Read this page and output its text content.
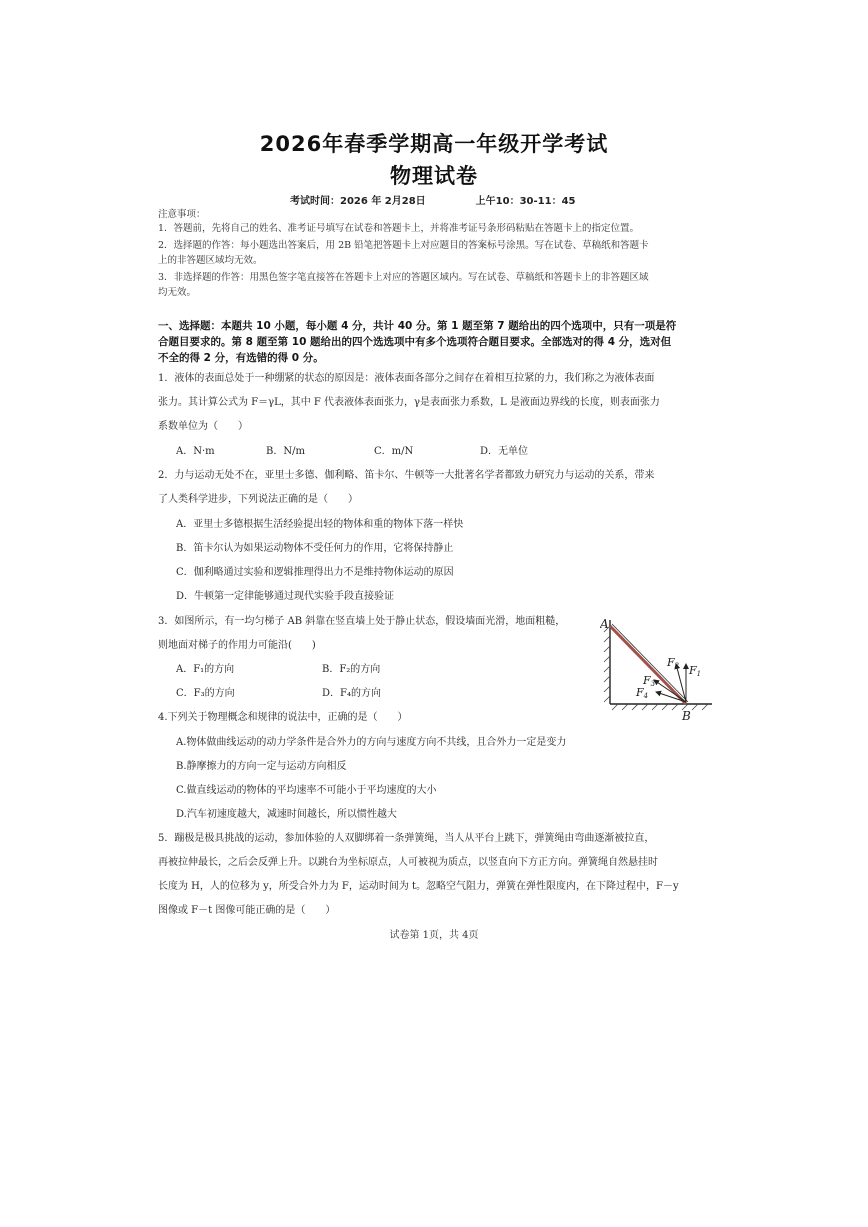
2026年春季学期高一年级开学考试
物理试卷
考试时间：2026 年 2月28日	上午10：30-11：45
注意事项：
1．答题前，先将自己的姓名、准考证号填写在试卷和答题卡上，并将准考证号条形码粘贴在答题卡上的指定位置。
2．选择题的作答：每小题选出答案后，用 2B 铅笔把答题卡上对应题目的答案标号涂黑。写在试卷、草稿纸和答题卡
上的非答题区域均无效。
3．非选择题的作答：用黑色签字笔直接答在答题卡上对应的答题区域内。写在试卷、草稿纸和答题卡上的非答题区域
均无效。
一、选择题：本题共 10 小题，每小题 4 分，共计 40 分。第 1 题至第 7 题给出的四个选项中，只有一项是符
合题目要求的。第 8 题至第 10 题给出的四个选选项中有多个选项符合题目要求。全部选对的得 4 分，选对但
不全的得 2 分，有选错的得 0 分。
1．液体的表面总处于一种绷紧的状态的原因是：液体表面各部分之间存在着相互拉紧的力，我们称之为液体表面
张力。其计算公式为 F＝γL，其中 F 代表液体表面张力，γ是表面张力系数，L 是液面边界线的长度，则表面张力
系数单位为（　　）
A．N·m	B．N/m	C．m/N	D．无单位
2．力与运动无处不在，亚里士多德、伽利略、笛卡尔、牛顿等一大批著名学者都致力研究力与运动的关系，带来
了人类科学进步，下列说法正确的是（　　）
A．亚里士多德根据生活经验提出轻的物体和重的物体下落一样快
B．笛卡尔认为如果运动物体不受任何力的作用，它将保持静止
C．伽利略通过实验和逻辑推理得出力不是维持物体运动的原因
D．牛顿第一定律能够通过现代实验手段直接验证
3．如图所示，有一均匀梯子 AB 斜靠在竖直墙上处于静止状态，假设墙面光滑，地面粗糙，
则地面对梯子的作用力可能沿(　　)
A．F₁的方向	B．F₂的方向
C．F₃的方向	D．F₄的方向
A
B
F1
F2
F3
F4
4.下列关于物理概念和规律的说法中，正确的是（　　）
A.物体做曲线运动的动力学条件是合外力的方向与速度方向不共线，且合外力一定是变力
B.静摩擦力的方向一定与运动方向相反
C.做直线运动的物体的平均速率不可能小于平均速度的大小
D.汽车初速度越大，减速时间越长，所以惯性越大
5．蹦极是极具挑战的运动，参加体验的人双脚绑着一条弹簧绳，当人从平台上跳下，弹簧绳由弯曲逐渐被拉直，
再被拉伸最长，之后会反弹上升。以跳台为坐标原点，人可被视为质点，以竖直向下方正方向。弹簧绳自然悬挂时
长度为 H，人的位移为 y，所受合外力为 F，运动时间为 t。忽略空气阻力，弹簧在弹性限度内，在下降过程中，F－y
图像或 F－t 图像可能正确的是（　　）
试卷第 1页，共 4页
